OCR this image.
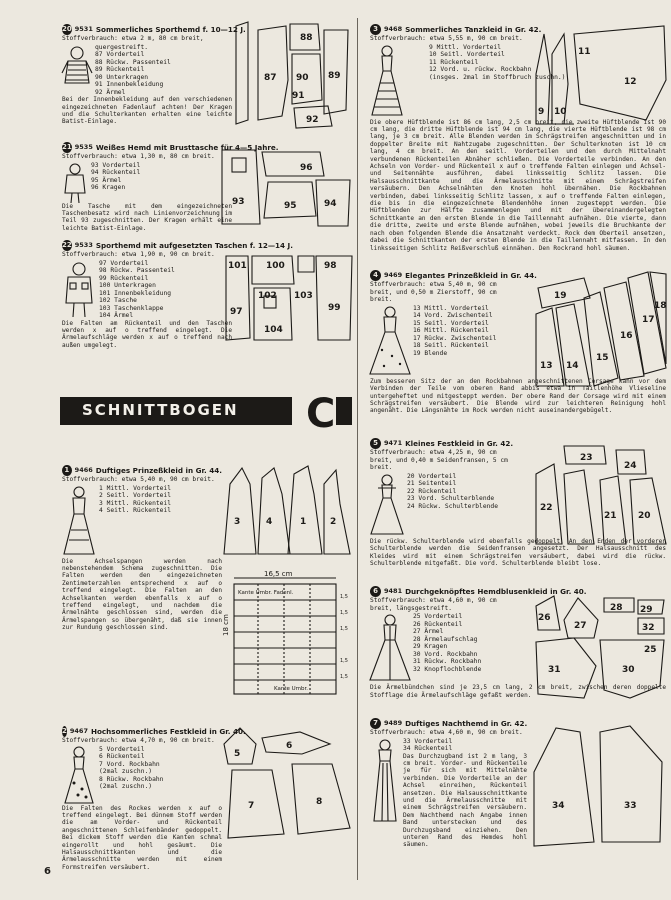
20 9531 Sommerliches Sporthemd f. 10—12 J.
Stoffverbrauch: etwa 2 m, 80 cm breit,
quergestreift.
87 Vorderteil
88 Rückw. Passenteil
89 Rückenteil
90 Unterkragen
91 Innenbekleidung
92 Ärmel

Bei der Innenbekleidung auf den verschiedenen eingezeichneten Fadenlauf achten! Der Kragen und die Schulterkanten erhalten eine leichte Batist-Einlage.

88
87	89
90
91
92
21 9535 Weißes Hemd mit Brusttasche für 4—5 Jahre.
Stoffverbrauch: etwa 1,30 m, 80 cm breit.
93 Vorderteil
94 Rückenteil
95 Ärmel
96 Kragen

Die Tasche mit dem eingezeichneten Taschenbesatz wird nach Linienvorzeichnung im Teil 93 zugeschnitten. Der Kragen erhält eine leichte Batist-Einlage.

93
96
94
95
22 9533 Sporthemd mit aufgesetzten Taschen f. 12—14 J.
Stoffverbrauch: etwa 1,90 m, 90 cm breit.
97 Vorderteil
98 Rückw. Passenteil
99 Rückenteil
100 Unterkragen
101 Innenbekleidung
102 Tasche
103 Taschenklappe
104 Ärmel

Die Falten am Rückenteil und den Taschen werden x auf o treffend eingelegt. Die Ärmelaufschläge werden x auf o treffend nach außen umgelegt.

101 100	98
97
102 103
99
104
SCHNITTBOGEN C
1 9466 Duftiges Prinzeßkleid in Gr. 44.
Stoffverbrauch: etwa 5,40 m, 90 cm breit.
1 Mittl. Vorderteil
2 Seitl. Vorderteil
3 Mittl. Rückenteil
4 Seitl. Rückenteil

Die Achselspangen werden nach nebenstehendem Schema zugeschnitten. Die Falten werden den eingezeichneten Zentimeterzahlen entsprechend x auf o treffend eingelegt. Die Falten an den Achselkanten werden ebenfalls x auf o treffend eingelegt, und nachdem die Ärmelnähte geschlossen sind, werden die Ärmelspangen so übergenäht, daß sie innen zur Rundung geschlossen sind.

3	4	1	2
16,5 cm
Kante Umbr. Fadenl.
Kante Umbr.
18 cm
1,5
1,5
1,5
1,5
1,5
2 9467 Hochsommerliches Festkleid in Gr. 40.
Stoffverbrauch: etwa 4,70 m, 90 cm breit.
5 Vorderteil
6 Rückenteil
7 Vord. Rockbahn
(2mal zuschn.)
8 Rückw. Rockbahn
(2mal zuschn.)

Die Falten des Rockes werden x auf o treffend eingelegt. Bei dünnem Stoff werden die am Vorder- und Rückenteil angeschnittenen Schleifenbänder gedoppelt. Bei dickem Stoff werden die Kanten schmal eingerollt und hohl gesäumt. Die Halsausschnittkanten und die Ärmelausschnitte werden mit einem Formstreifen versäubert.

5
6
7	8
3 9468 Sommerliches Tanzkleid in Gr. 42.
Stoffverbrauch: etwa 5,55 m, 90 cm breit.
9 Mittl. Vorderteil
10 Seitl. Vorderteil
11 Rückenteil
12 Vord. u. rückw. Rockbahn
(insges. 2mal im Stoffbruch zuschn.)

Die obere Hüftblende ist 86 cm lang, 2,5 cm breit, die zweite Hüftblende ist 90 cm lang, die dritte Hüftblende ist 94 cm lang, die vierte Hüftblende ist 98 cm lang, je 3 cm breit. Alle Blenden werden im Schrägstreifen angeschnitten und in doppelter Breite mit Nahtzugabe zugeschnitten. Der Schulterknoten ist 10 cm lang, 4 cm breit. An den seitl. Vorderteilen und den durch Mittelnaht verbundenen Rückenteilen Abnäher schließen. Die Vorderteile verbinden. An den Achseln von Vorder- und Rückenteil x auf o treffende Falten einlegen und Achsel- und Seitennähte ausführen, dabei linksseitig Schlitz lassen. Die Halsausschnittkante und die Ärmelausschnitte mit einem Schrägstreifen versäubern. Den Achselnähten den Knoten hohl übernähen. Die Rockbahnen verbinden, dabei linksseitig Schlitz lassen, x auf o treffende Falten einlegen, die bis in die eingezeichnete Blendenhöhe innen zugesteppt werden. Die Hüftblenden zur Hälfte zusammenlegen und mit der übereinandergelegten Schnittkante an den ersten Blende in die Taillennaht aufnähen. Die vierte, dann die dritte, zweite und erste Blende aufnähen, wobei jeweils die Bruchkante der nach oben folgenden Blende die Ansatznaht verdeckt. Rock dem Oberteil ansetzen, dabei die Schnittkanten der ersten Blende in die Taillennaht mitfassen. In den linksseitigen Schlitz Reißverschluß einnähen. Den Rockrand hohl säumen.

9 10
11
12
4 9469 Elegantes Prinzeßkleid in Gr. 44.
Stoffverbrauch: etwa 5,40 m, 90 cm breit, und 0,50 m Zierstoff, 90 cm breit.
13 Mittl. Vorderteil
14 Vord. Zwischenteil
15 Seitl. Vorderteil
16 Mittl. Rückenteil
17 Rückw. Zwischenteil
18 Seitl. Rückenteil
19 Blende

Zum besseren Sitz der an den Rockbahnen angeschnittenen Corsage kann vor dem Verbinden der Teile vom oberen Rand abbis etwa in Taillenhöhe Vlieseline untergeheftet und mitgesteppt werden. Der obere Rand der Corsage wird mit einem Schrägstreifen versäubert. Die Blende wird zur leichteren Reinigung hohl angenäht. Die Längsnähte im Rock werden nicht auseinandergebügelt.

19
13 14
15
16
17
18
5 9471 Kleines Festkleid in Gr. 42.
Stoffverbrauch: etwa 4,25 m, 90 cm breit, und 0,40 m Seidenfransen, 5 cm breit.
20 Vorderteil
21 Seitenteil
22 Rückenteil
23 Vord. Schulterblende
24 Rückw. Schulterblende

Die rückw. Schulterblende wird ebenfalls gedoppelt. An den Enden der vorderen Schulterblende werden die Seidenfransen angesetzt. Der Halsausschnitt des Kleides wird mit einem Schrägstreifen versäubert, dabei wird die rückw. Schulterblende mitgefaßt. Die vord. Schulterblende bleibt lose.

23
24
21
22
20
6 9481 Durchgeknöpftes Hemdblusenkleid in Gr. 40.
Stoffverbrauch: etwa 4,60 m, 90 cm breit, längsgestreift.
25 Vorderteil
26 Rückenteil
27 Ärmel
28 Ärmelaufschlag
29 Kragen
30 Vord. Rockbahn
31 Rückw. Rockbahn
32 Knopflochblende

Die Ärmelbündchen sind je 23,5 cm lang, 2 cm breit, zwischen deren doppelte Stofflage die Ärmelaufschläge gefaßt werden.

26
27
28 29
32
25
31	30
7 9489 Duftiges Nachthemd in Gr. 42.
Stoffverbrauch: etwa 4,60 m, 90 cm breit.
33 Vorderteil
34 Rückenteil

Das Durchzugband ist 2 m lang, 3 cm breit. Vorder- und Rückenteile je für sich mit Mittelnähte verbinden. Die Vorderteile an der Achsel einreihen, Rückenteil ansetzen. Die Halsausschnittkante und die Ärmelausschnitte mit einem Schrägstreifen versäubern. Dem Nachthemd nach Angabe innen Band unterstecken und des Durchzugsband einziehen. Den unteren Rand des Hemdes hohl säumen.

34	33
6
